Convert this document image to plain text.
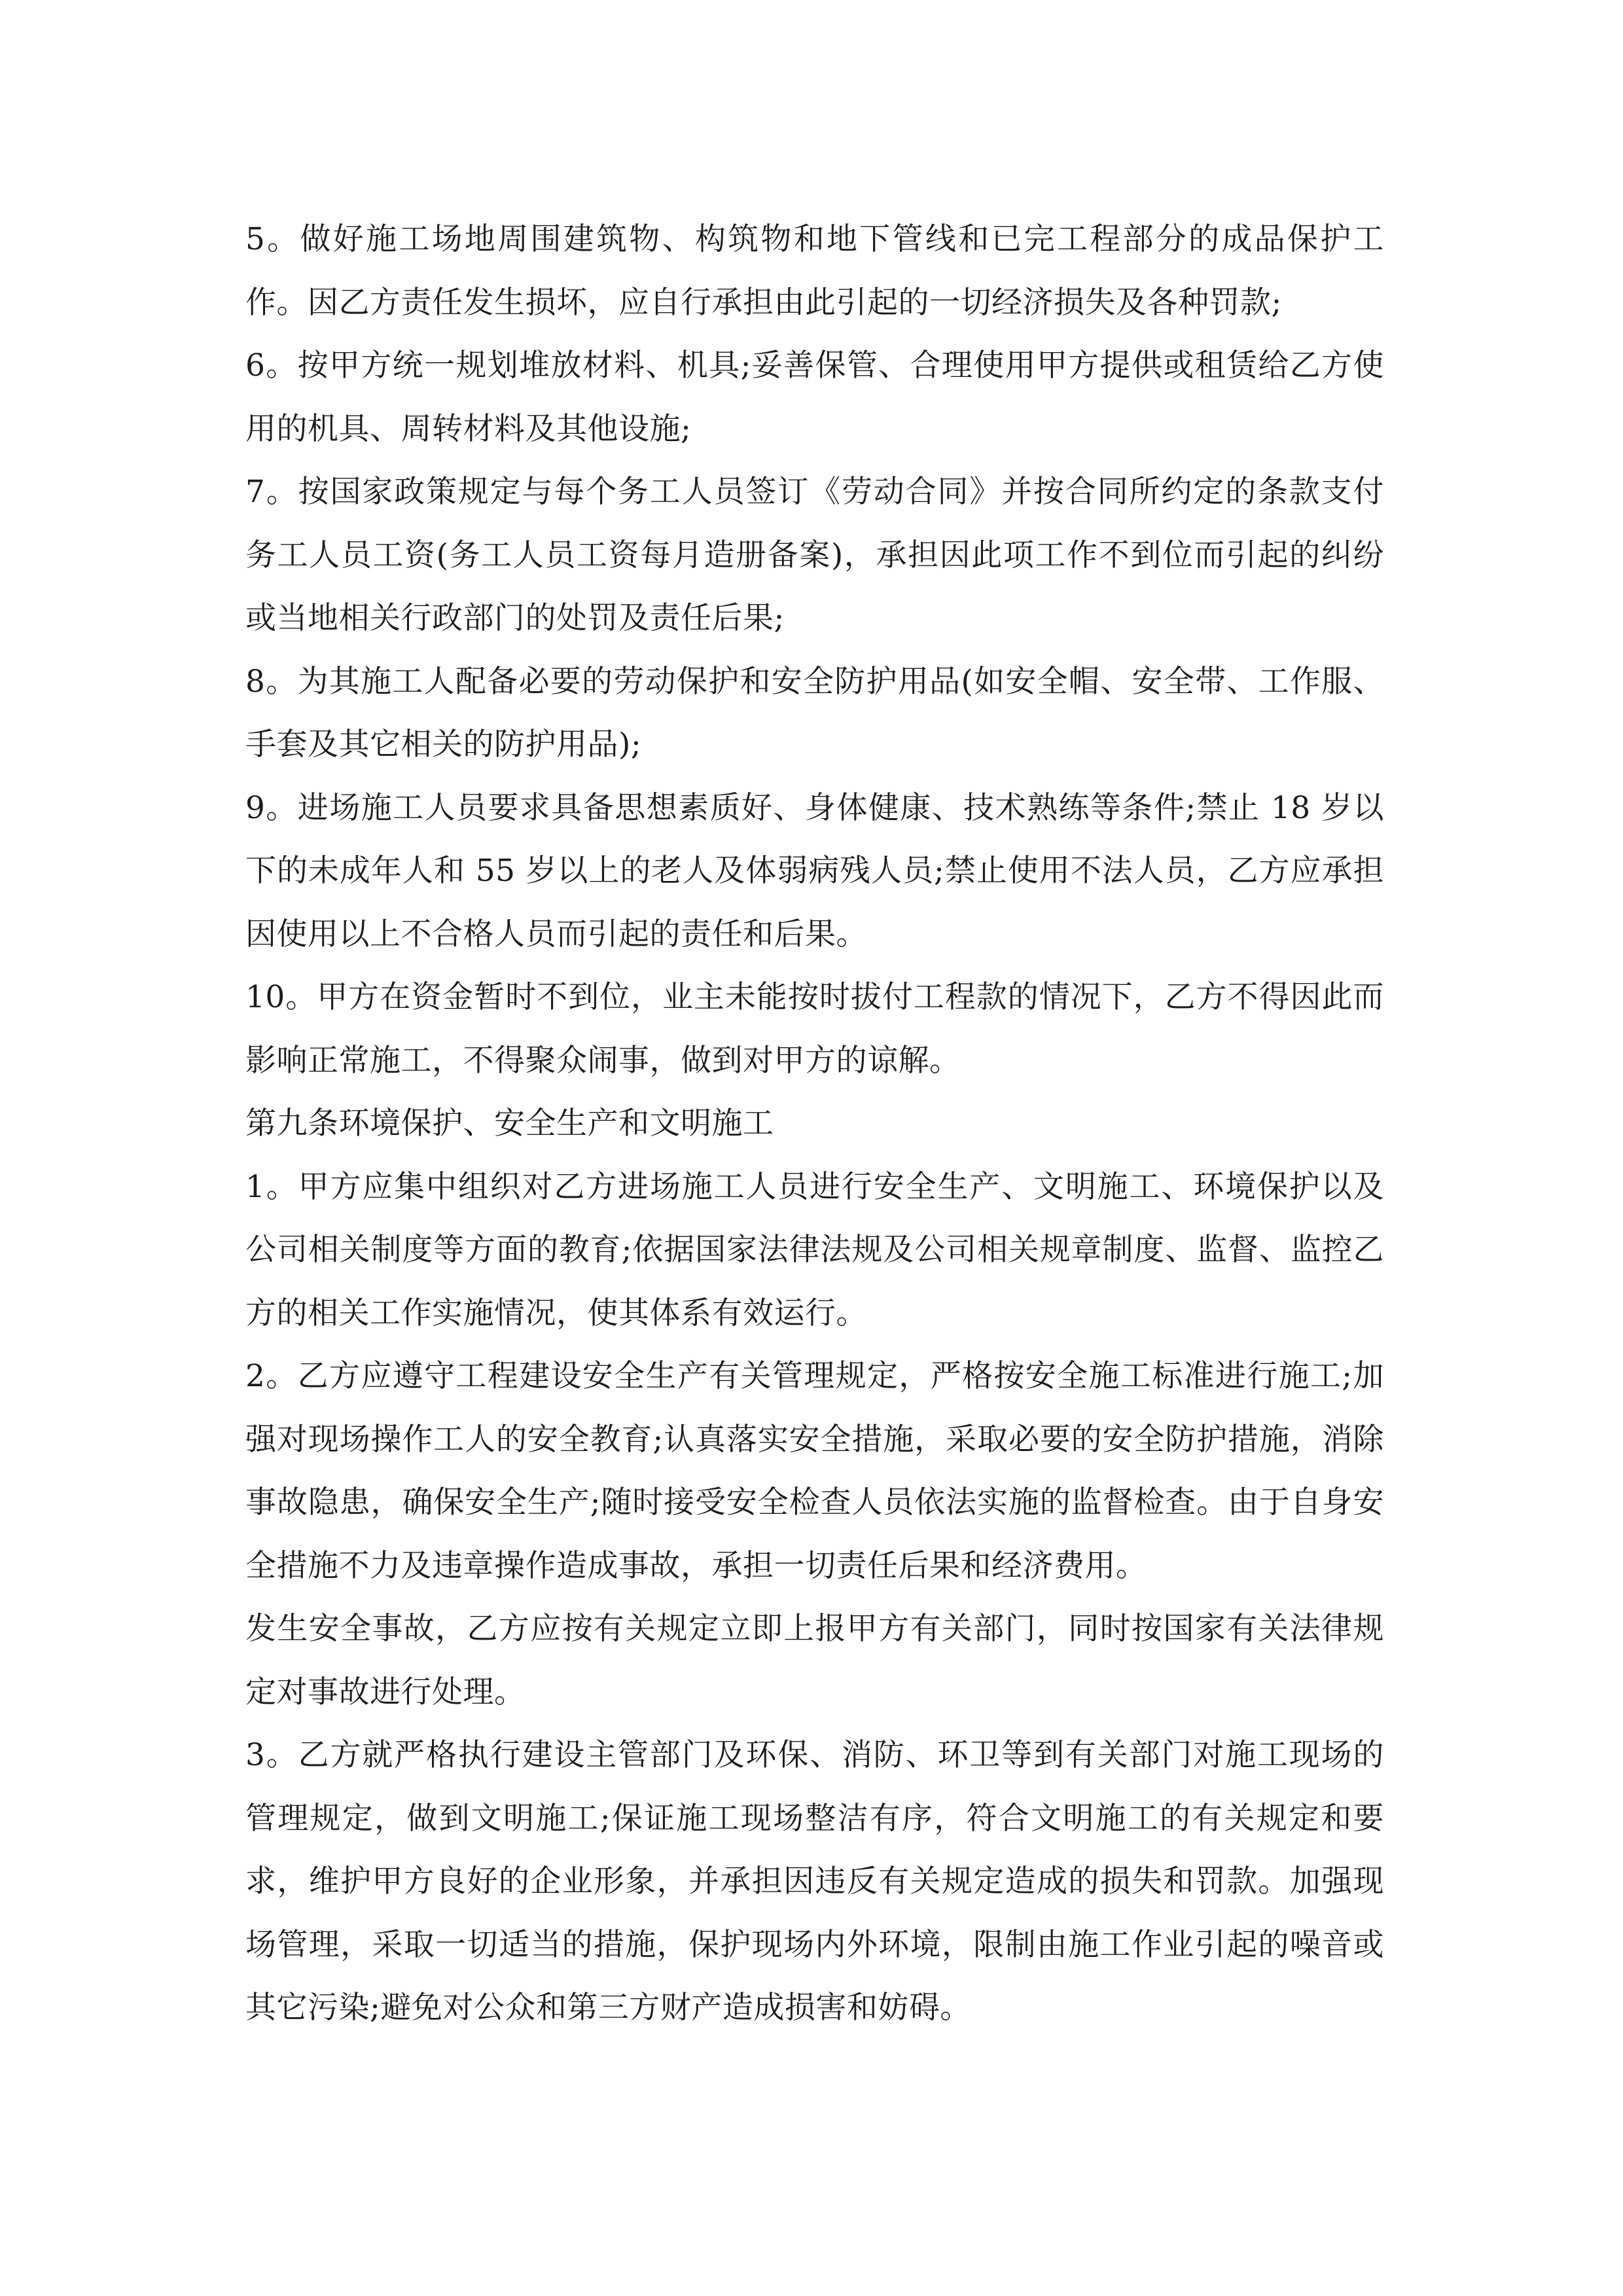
5。做好施工场地周围建筑物、构筑物和地下管线和已完工程部分的成品保护工作。因乙方责任发生损坏，应自行承担由此引起的一切经济损失及各种罚款;

6。按甲方统一规划堆放材料、机具;妥善保管、合理使用甲方提供或租赁给乙方使用的机具、周转材料及其他设施;

7。按国家政策规定与每个务工人员签订《劳动合同》并按合同所约定的条款支付务工人员工资(务工人员工资每月造册备案)，承担因此项工作不到位而引起的纠纷或当地相关行政部门的处罚及责任后果;

8。为其施工人配备必要的劳动保护和安全防护用品(如安全帽、安全带、工作服、手套及其它相关的防护用品);

9。进场施工人员要求具备思想素质好、身体健康、技术熟练等条件;禁止 18 岁以下的未成年人和 55 岁以上的老人及体弱病残人员;禁止使用不法人员，乙方应承担因使用以上不合格人员而引起的责任和后果。

10。甲方在资金暂时不到位，业主未能按时拔付工程款的情况下，乙方不得因此而影响正常施工，不得聚众闹事，做到对甲方的谅解。

第九条环境保护、安全生产和文明施工

1。甲方应集中组织对乙方进场施工人员进行安全生产、文明施工、环境保护以及公司相关制度等方面的教育;依据国家法律法规及公司相关规章制度、监督、监控乙方的相关工作实施情况，使其体系有效运行。

2。乙方应遵守工程建设安全生产有关管理规定，严格按安全施工标准进行施工;加强对现场操作工人的安全教育;认真落实安全措施，采取必要的安全防护措施，消除事故隐患，确保安全生产;随时接受安全检查人员依法实施的监督检查。由于自身安全措施不力及违章操作造成事故，承担一切责任后果和经济费用。

发生安全事故，乙方应按有关规定立即上报甲方有关部门，同时按国家有关法律规定对事故进行处理。

3。乙方就严格执行建设主管部门及环保、消防、环卫等到有关部门对施工现场的管理规定，做到文明施工;保证施工现场整洁有序，符合文明施工的有关规定和要求，维护甲方良好的企业形象，并承担因违反有关规定造成的损失和罚款。加强现场管理，采取一切适当的措施，保护现场内外环境，限制由施工作业引起的噪音或其它污染;避免对公众和第三方财产造成损害和妨碍。
